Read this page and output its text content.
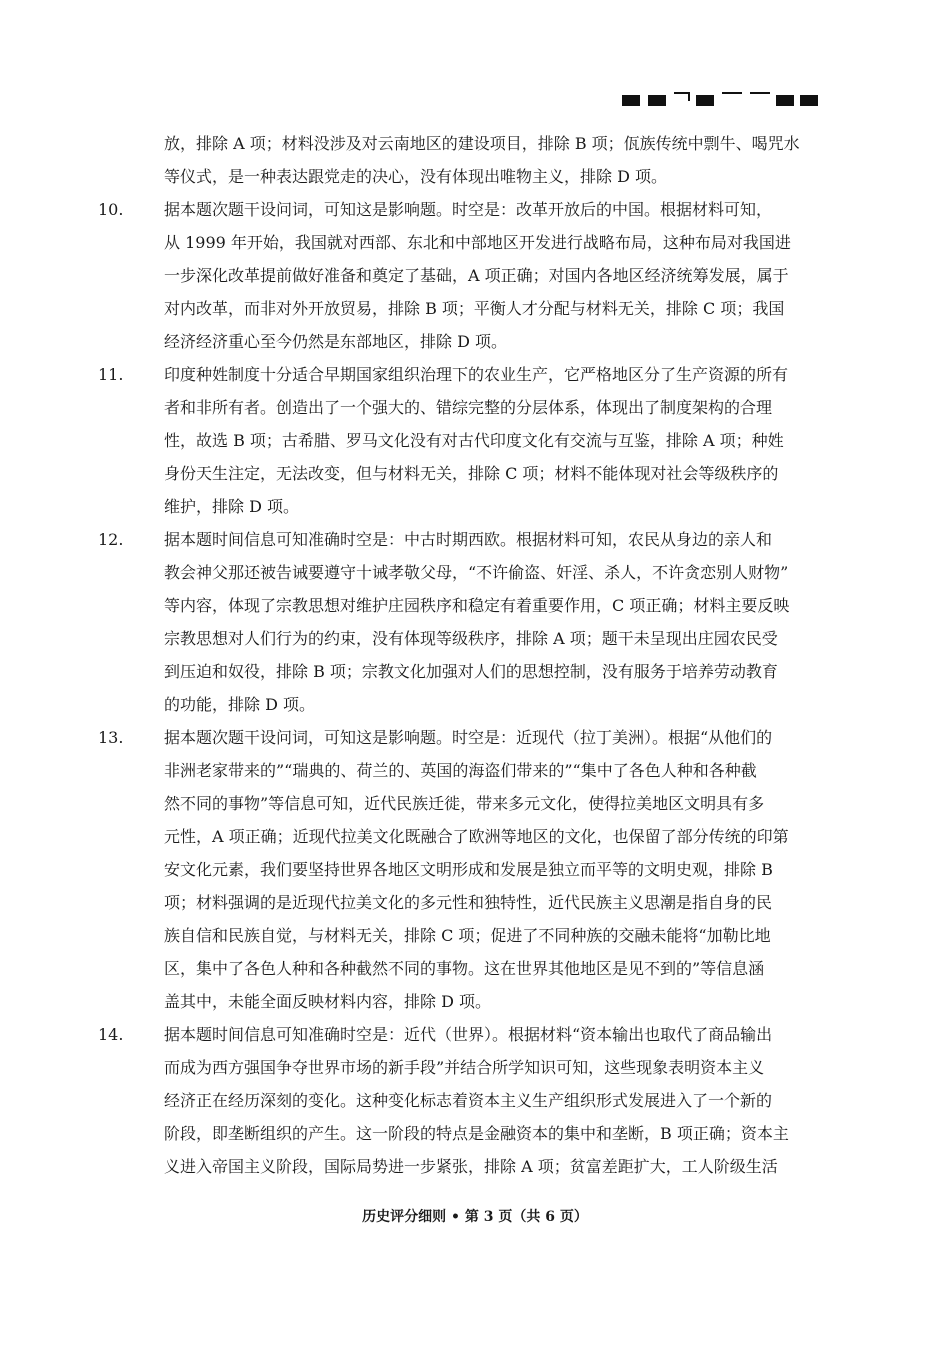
放，排除 A 项；材料没涉及对云南地区的建设项目，排除 B 项；佤族传统中剽牛、喝咒水
等仪式，是一种表达跟党走的决心，没有体现出唯物主义，排除 D 项。
10.	据本题次题干设问词，可知这是影响题。时空是：改革开放后的中国。根据材料可知，
从 1999 年开始，我国就对西部、东北和中部地区开发进行战略布局，这种布局对我国进
一步深化改革提前做好准备和奠定了基础，A 项正确；对国内各地区经济统筹发展，属于
对内改革，而非对外开放贸易，排除 B 项；平衡人才分配与材料无关，排除 C 项；我国
经济经济重心至今仍然是东部地区，排除 D 项。
11.	印度种姓制度十分适合早期国家组织治理下的农业生产，它严格地区分了生产资源的所有
者和非所有者。创造出了一个强大的、错综完整的分层体系，体现出了制度架构的合理
性，故选 B 项；古希腊、罗马文化没有对古代印度文化有交流与互鉴，排除 A 项；种姓
身份天生注定，无法改变，但与材料无关，排除 C 项；材料不能体现对社会等级秩序的
维护，排除 D 项。
12.	据本题时间信息可知准确时空是：中古时期西欧。根据材料可知，农民从身边的亲人和
教会神父那还被告诫要遵守十诫孝敬父母，“不许偷盗、奸淫、杀人，不许贪恋别人财物”
等内容，体现了宗教思想对维护庄园秩序和稳定有着重要作用，C 项正确；材料主要反映
宗教思想对人们行为的约束，没有体现等级秩序，排除 A 项；题干未呈现出庄园农民受
到压迫和奴役，排除 B 项；宗教文化加强对人们的思想控制，没有服务于培养劳动教育
的功能，排除 D 项。
13.	据本题次题干设问词，可知这是影响题。时空是：近现代（拉丁美洲）。根据“从他们的
非洲老家带来的”“瑞典的、荷兰的、英国的海盗们带来的”“集中了各色人种和各种截
然不同的事物”等信息可知，近代民族迁徙，带来多元文化，使得拉美地区文明具有多
元性，A 项正确；近现代拉美文化既融合了欧洲等地区的文化，也保留了部分传统的印第
安文化元素，我们要坚持世界各地区文明形成和发展是独立而平等的文明史观，排除 B
项；材料强调的是近现代拉美文化的多元性和独特性，近代民族主义思潮是指自身的民
族自信和民族自觉，与材料无关，排除 C 项；促进了不同种族的交融未能将“加勒比地
区，集中了各色人种和各种截然不同的事物。这在世界其他地区是见不到的”等信息涵
盖其中，未能全面反映材料内容，排除 D 项。
14.	据本题时间信息可知准确时空是：近代（世界）。根据材料“资本输出也取代了商品输出
而成为西方强国争夺世界市场的新手段”并结合所学知识可知，这些现象表明资本主义
经济正在经历深刻的变化。这种变化标志着资本主义生产组织形式发展进入了一个新的
阶段，即垄断组织的产生。这一阶段的特点是金融资本的集中和垄断，B 项正确；资本主
义进入帝国主义阶段，国际局势进一步紧张，排除 A 项；贫富差距扩大，工人阶级生活
历史评分细则 • 第 3 页（共 6 页）
